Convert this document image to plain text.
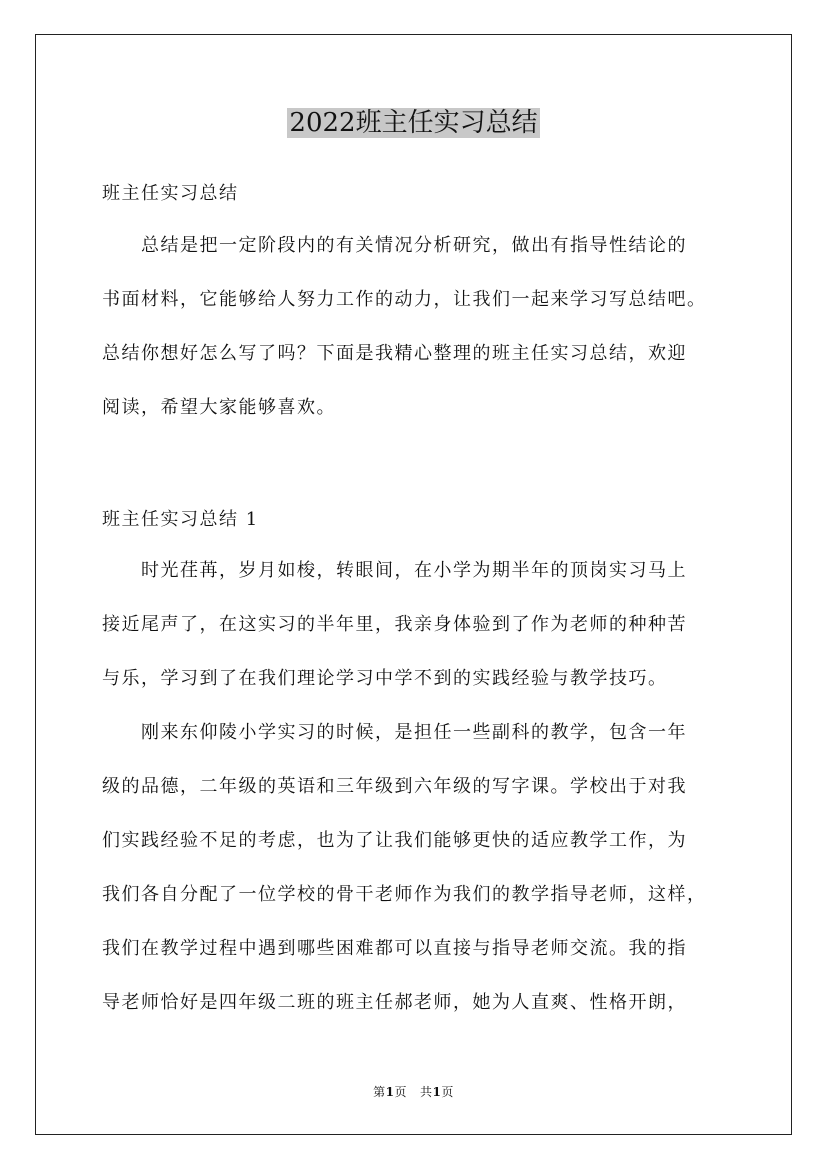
2022班主任实习总结
班主任实习总结
　　总结是把一定阶段内的有关情况分析研究，做出有指导性结论的
书面材料，它能够给人努力工作的动力，让我们一起来学习写总结吧。
总结你想好怎么写了吗？下面是我精心整理的班主任实习总结，欢迎
阅读，希望大家能够喜欢。
班主任实习总结 1
　　时光荏苒，岁月如梭，转眼间，在小学为期半年的顶岗实习马上
接近尾声了，在这实习的半年里，我亲身体验到了作为老师的种种苦
与乐，学习到了在我们理论学习中学不到的实践经验与教学技巧。
　　刚来东仰陵小学实习的时候，是担任一些副科的教学，包含一年
级的品德，二年级的英语和三年级到六年级的写字课。学校出于对我
们实践经验不足的考虑，也为了让我们能够更快的适应教学工作，为
我们各自分配了一位学校的骨干老师作为我们的教学指导老师，这样，
我们在教学过程中遇到哪些困难都可以直接与指导老师交流。我的指
导老师恰好是四年级二班的班主任郝老师，她为人直爽、性格开朗，
第1页 共1页
